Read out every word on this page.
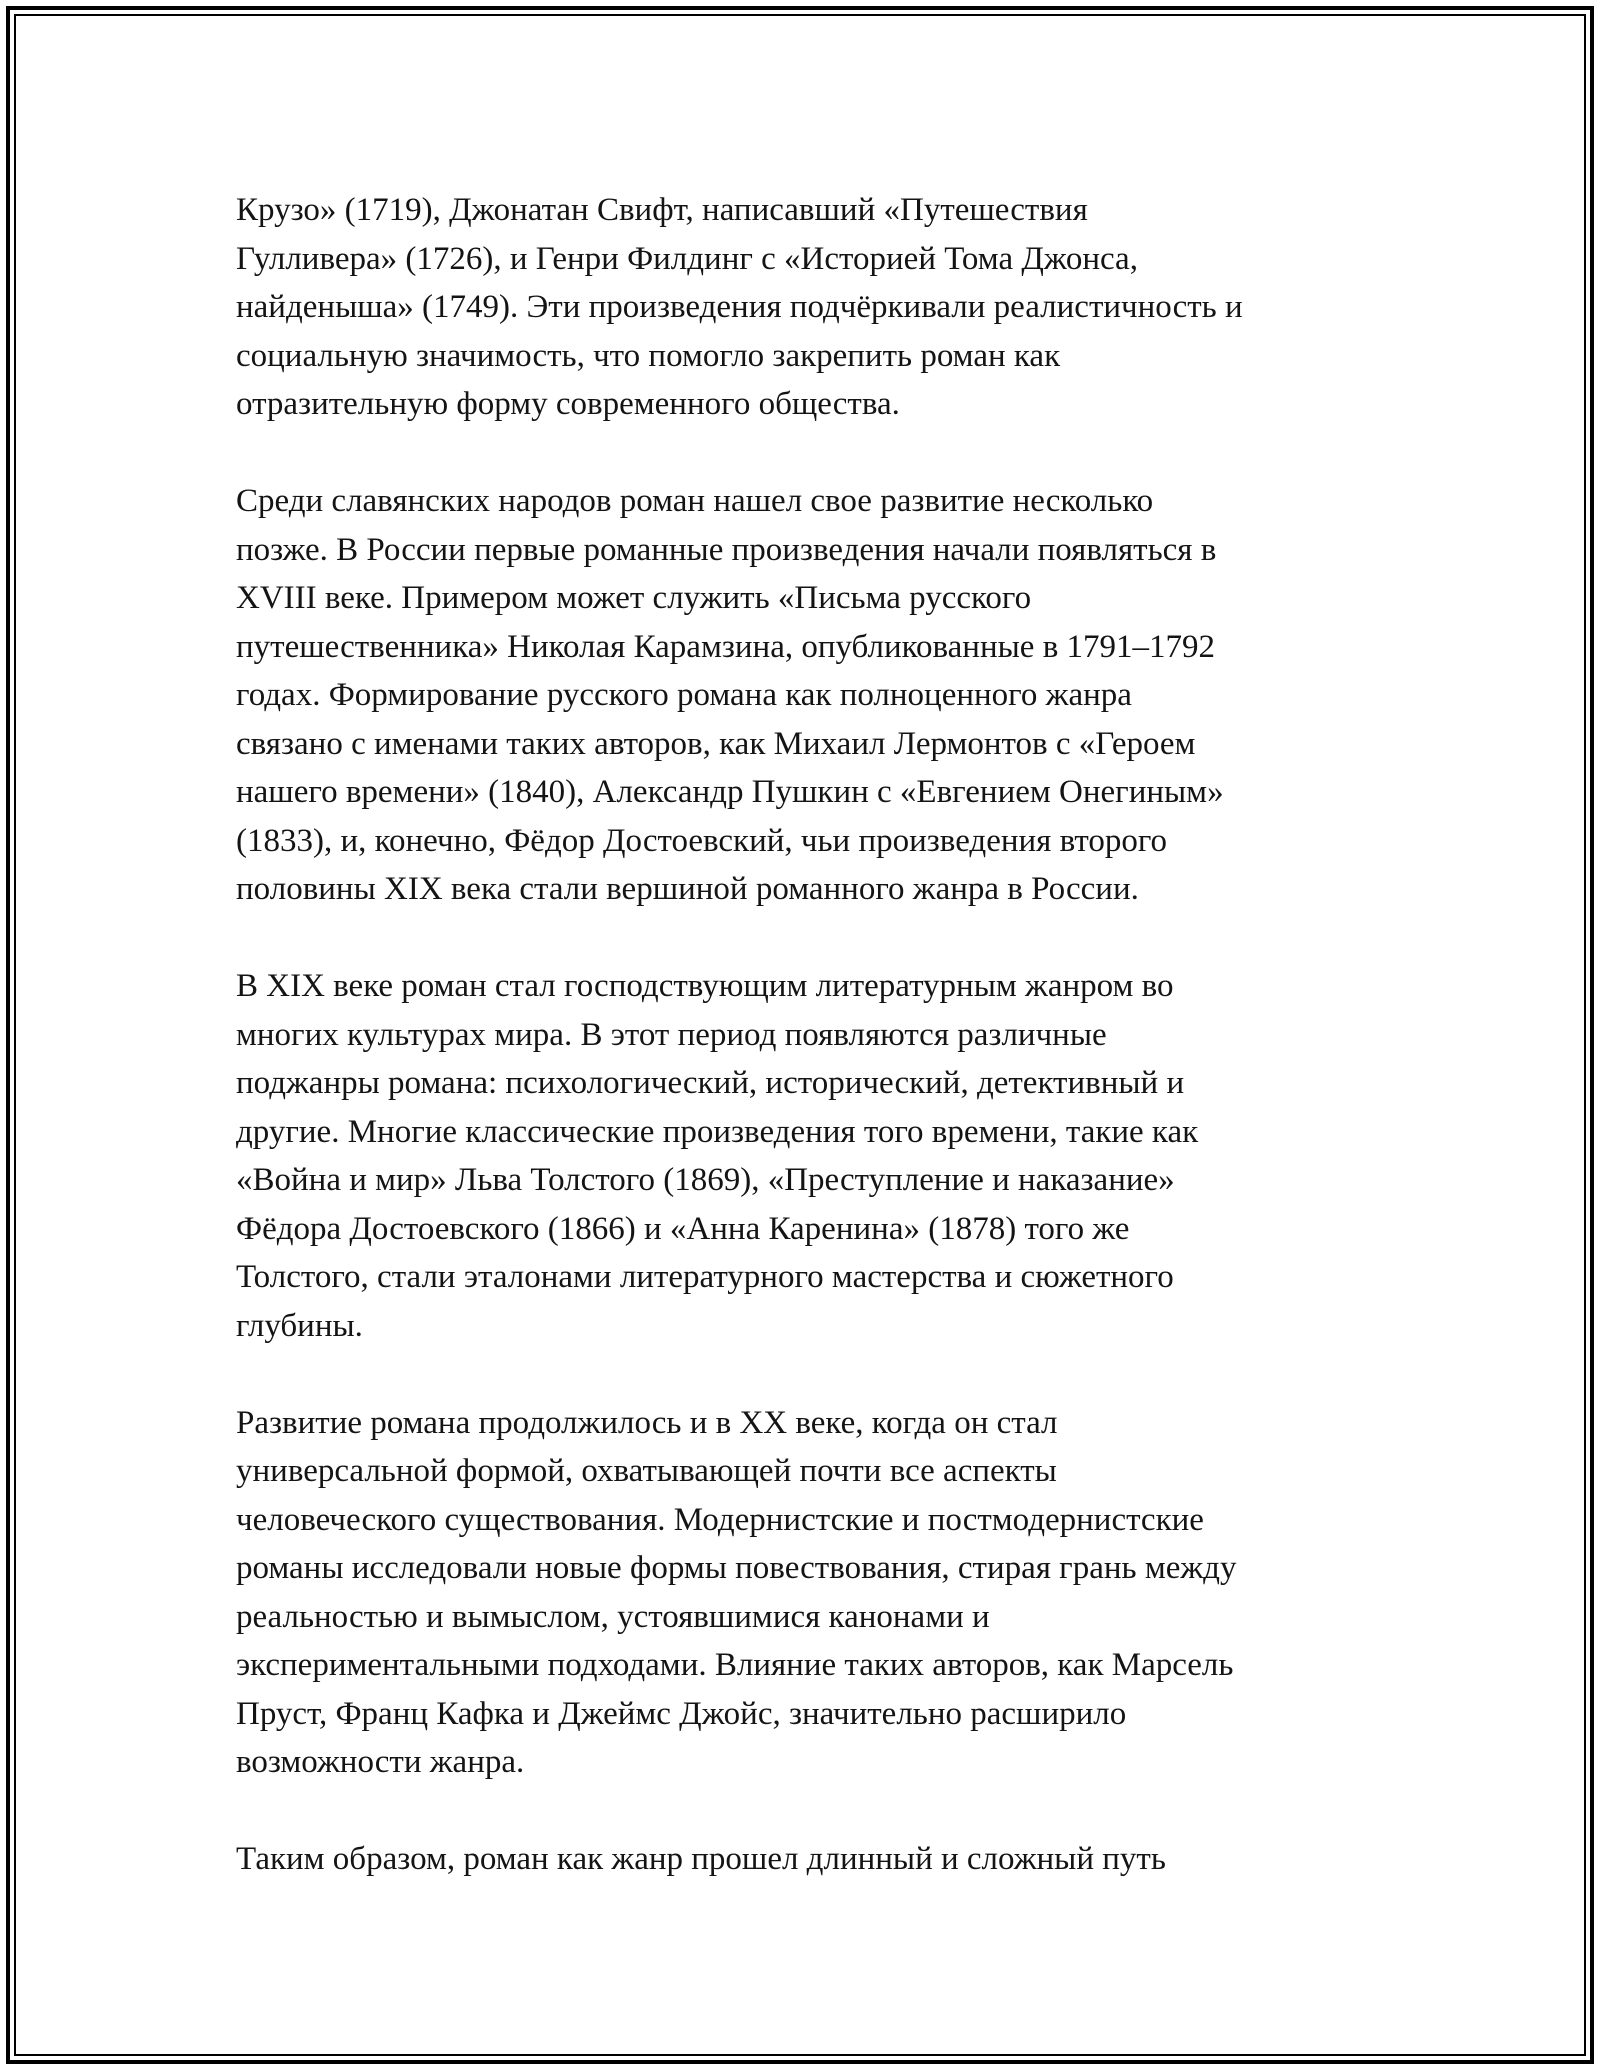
Крузо» (1719), Джонатан Свифт, написавший «Путешествия
Гулливера» (1726), и Генри Филдинг с «Историей Тома Джонса,
найденыша» (1749). Эти произведения подчёркивали реалистичность и
социальную значимость, что помогло закрепить роман как
отразительную форму современного общества.
Среди славянских народов роман нашел свое развитие несколько
позже. В России первые романные произведения начали появляться в
XVIII веке. Примером может служить «Письма русского
путешественника» Николая Карамзина, опубликованные в 1791–1792
годах. Формирование русского романа как полноценного жанра
связано с именами таких авторов, как Михаил Лермонтов с «Героем
нашего времени» (1840), Александр Пушкин с «Евгением Онегиным»
(1833), и, конечно, Фёдор Достоевский, чьи произведения второго
половины XIX века стали вершиной романного жанра в России.
В XIX веке роман стал господствующим литературным жанром во
многих культурах мира. В этот период появляются различные
поджанры романа: психологический, исторический, детективный и
другие. Многие классические произведения того времени, такие как
«Война и мир» Льва Толстого (1869), «Преступление и наказание»
Фёдора Достоевского (1866) и «Анна Каренина» (1878) того же
Толстого, стали эталонами литературного мастерства и сюжетного
глубины.
Развитие романа продолжилось и в XX веке, когда он стал
универсальной формой, охватывающей почти все аспекты
человеческого существования. Модернистские и постмодернистские
романы исследовали новые формы повествования, стирая грань между
реальностью и вымыслом, устоявшимися канонами и
экспериментальными подходами. Влияние таких авторов, как Марсель
Пруст, Франц Кафка и Джеймс Джойс, значительно расширило
возможности жанра.
Таким образом, роман как жанр прошел длинный и сложный путь
